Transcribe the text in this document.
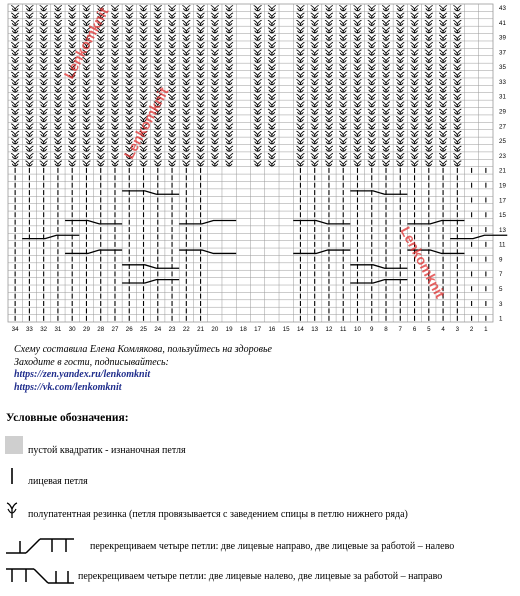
1
3
5
7
9
11
13
15
17
19
21
23
25
27
29
31
33
35
37
39
41
43
34 33 32 31 30 29 28 27 26 25 24 23 22 21 20 19 18 17 16 15 14 13 12 11 10 9 8 7 6 5 4 3 2 1
Lenkomknit
Lenkomknit
Lenkomknit
Схему составила Елена Комлякова, пользуйтесь на здоровье
Заходите в гости, подписывайтесь:
https://zen.yandex.ru/lenkomknit
https://vk.com/lenkomknit
Условные обозначения:
пустой квадратик - изнаночная петля
лицевая петля
полупатентная резинка (петля провязывается с заведением спицы в петлю нижнего ряда)
перекрещиваем четыре петли: две лицевые направо, две лицевые за работой – налево
перекрещиваем четыре петли: две лицевые налево, две лицевые за работой – направо
